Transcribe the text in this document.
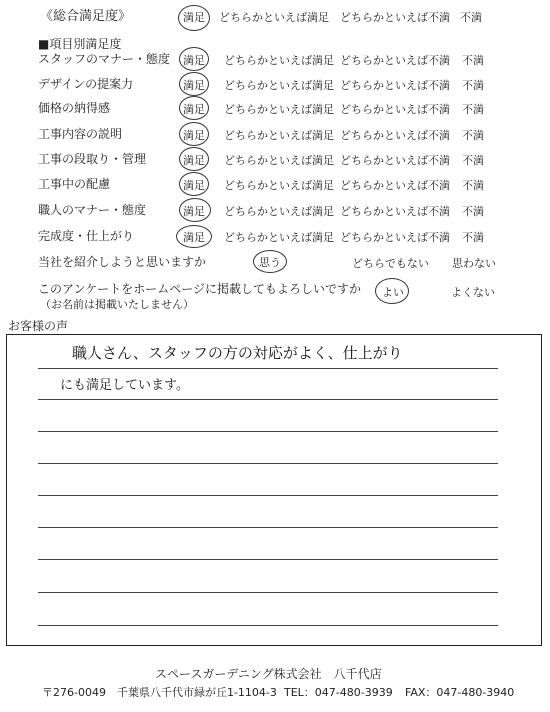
《総合満足度》	満足 どちらかといえば満足 どちらかといえば不満 不満
■項目別満足度
スタッフのマナー・態度 満足 どちらかといえば満足 どちらかといえば不満 不満
デザインの提案力	満足 どちらかといえば満足 どちらかといえば不満 不満
価格の納得感	満足 どちらかといえば満足 どちらかといえば不満 不満
工事内容の説明	満足 どちらかといえば満足 どちらかといえば不満 不満
工事の段取り・管理	満足 どちらかといえば満足 どちらかといえば不満 不満
工事中の配慮	満足 どちらかといえば満足 どちらかといえば不満 不満
職人のマナー・態度	満足 どちらかといえば満足 どちらかといえば不満 不満
完成度・仕上がり	満足 どちらかといえば満足 どちらかといえば不満 不満
当社を紹介しようと思いますか	思う	どちらでもない 思わない
このアンケートをホームページに掲載してもよろしいですか
（お名前は掲載いたしません）
よい	よくない
お客様の声
職人さん、スタッフの方の対応がよく、仕上がり
にも満足しています。
スペースガーデニング株式会社　八千代店
〒276-0049　千葉県八千代市緑が丘1-1104-3 TEL：047-480-3939 FAX：047-480-3940
